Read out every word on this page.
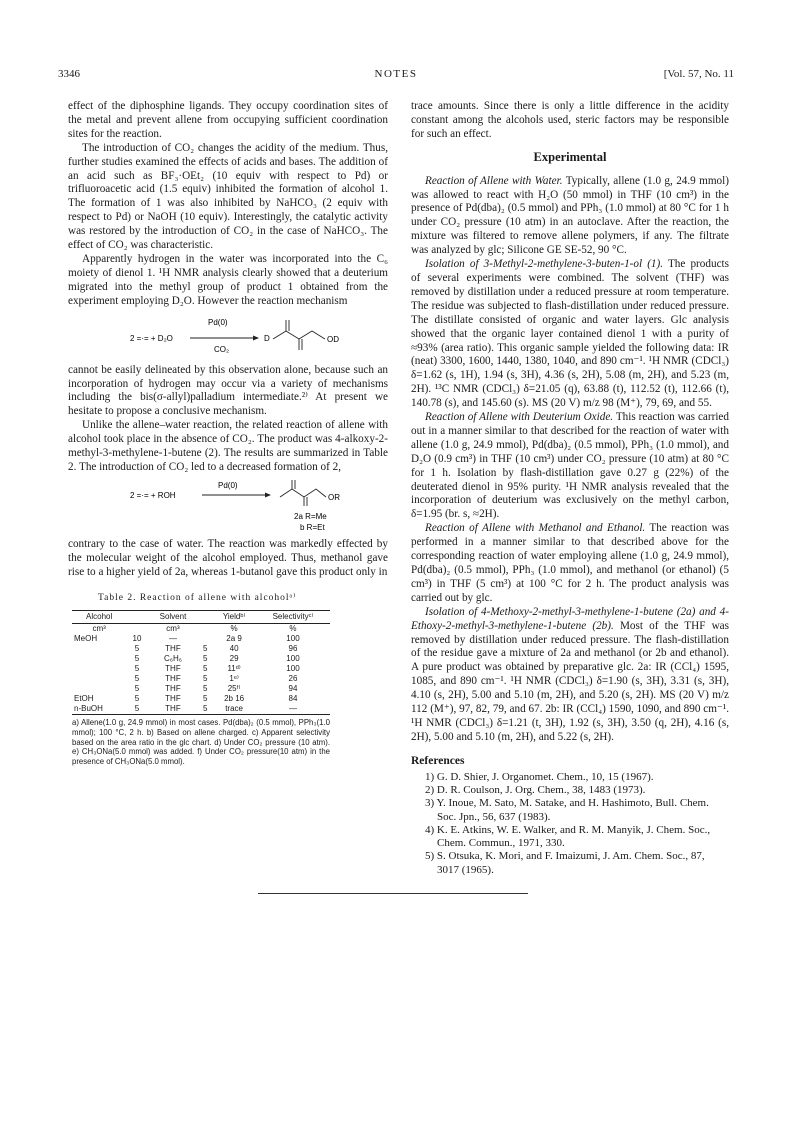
3346	NOTES	[Vol. 57, No. 11

effect of the diphosphine ligands. They occupy coordination sites of the metal and prevent allene from occupying sufficient coordination sites for the reaction.

The introduction of CO₂ changes the acidity of the medium. Thus, further studies examined the effects of acids and bases. The addition of an acid such as BF₃·OEt₂ (10 equiv with respect to Pd) or trifluoroacetic acid (1.5 equiv) inhibited the formation of alcohol 1. The formation of 1 was also inhibited by NaHCO₃ (2 equiv with respect to Pd) or NaOH (10 equiv). Interestingly, the catalytic activity was restored by the introduction of CO₂ in the case of NaHCO₃. The effect of CO₂ was characteristic.

Apparently hydrogen in the water was incorporated into the C₆ moiety of dienol 1. ¹H NMR analysis clearly showed that a deuterium migrated into the methyl group of product 1 obtained from the experiment employing D₂O. However the reaction mechanism

2 =·= + D₂O
Pd(0)
CO₂
D	OD

cannot be easily delineated by this observation alone, because such an incorporation of hydrogen may occur via a variety of mechanisms including the bis(σ-allyl)palladium intermediate.²⁾ At present we hesitate to propose a conclusive mechanism.

Unlike the allene–water reaction, the related reaction of allene with alcohol took place in the absence of CO₂. The product was 4-alkoxy-2-methyl-3-methylene-1-butene (2). The results are summarized in Table 2. The introduction of CO₂ led to a decreased formation of 2,

2 =·= + ROH
Pd(0)
OR
2a R=Me
b R=Et

contrary to the case of water. The reaction was markedly effected by the molecular weight of the alcohol employed. Thus, methanol gave rise to a higher yield of 2a, whereas 1-butanol gave this product only in

Table 2. Reaction of allene with alcoholᵃ⁾
Alcohol		Solvent		Yieldᵇ⁾	Selectivityᶜ⁾
cm³		cm³		%	%
MeOH	10	—		2a 9	100
	5	THF	5	40	96
	5	C₆H₆	5	29	100
	5	THF	5	11ᵈ⁾	100
	5	THF	5	1ᵉ⁾	26
	5	THF	5	25ᶠ⁾	94
EtOH	5	THF	5	2b 16	84
n-BuOH	5	THF	5	trace	—
a) Allene(1.0 g, 24.9 mmol) in most cases. Pd(dba)₂ (0.5 mmol), PPh₃(1.0 mmol); 100 °C, 2 h. b) Based on allene charged. c) Apparent selectivity based on the area ratio in the glc chart. d) Under CO₂ pressure (10 atm). e) CH₃ONa(5.0 mmol) was added. f) Under CO₂ pressure(10 atm) in the presence of CH₃ONa(5.0 mmol).

trace amounts. Since there is only a little difference in the acidity constant among the alcohols used, steric factors may be responsible for such an effect.

Experimental

Reaction of Allene with Water. Typically, allene (1.0 g, 24.9 mmol) was allowed to react with H₂O (50 mmol) in THF (10 cm³) in the presence of Pd(dba)₂ (0.5 mmol) and PPh₃ (1.0 mmol) at 80 °C for 1 h under CO₂ pressure (10 atm) in an autoclave. After the reaction, the mixture was filtered to remove allene polymers, if any. The filtrate was analyzed by glc; Silicone GE SE-52, 90 °C.

Isolation of 3-Methyl-2-methylene-3-buten-1-ol (1). The products of several experiments were combined. The solvent (THF) was removed by distillation under a reduced pressure at room temperature. The residue was subjected to flash-distillation under reduced pressure. The distillate consisted of organic and water layers. Glc analysis showed that the organic layer contained dienol 1 with a purity of ≈93% (area ratio). This organic sample yielded the following data: IR (neat) 3300, 1600, 1440, 1380, 1040, and 890 cm⁻¹. ¹H NMR (CDCl₃) δ=1.62 (s, 1H), 1.94 (s, 3H), 4.36 (s, 2H), 5.08 (m, 2H), and 5.23 (m, 2H). ¹³C NMR (CDCl₃) δ=21.05 (q), 63.88 (t), 112.52 (t), 112.66 (t), 140.78 (s), and 145.60 (s). MS (20 V) m/z 98 (M⁺), 79, 69, and 55.

Reaction of Allene with Deuterium Oxide. This reaction was carried out in a manner similar to that described for the reaction of water with allene (1.0 g, 24.9 mmol), Pd(dba)₂ (0.5 mmol), PPh₃ (1.0 mmol), and D₂O (0.9 cm³) in THF (10 cm³) under CO₂ pressure (10 atm) at 80 °C for 1 h. Isolation by flash-distillation gave 0.27 g (22%) of the deuterated dienol in 95% purity. ¹H NMR analysis revealed that the incorporation of deuterium was exclusively on the methyl carbon, δ=1.95 (br. s, ≈2H).

Reaction of Allene with Methanol and Ethanol. The reaction was performed in a manner similar to that described above for the corresponding reaction of water employing allene (1.0 g, 24.9 mmol), Pd(dba)₂ (0.5 mmol), PPh₃ (1.0 mmol), and methanol (or ethanol) (5 cm³) in THF (5 cm³) at 100 °C for 2 h. The product analysis was carried out by glc.

Isolation of 4-Methoxy-2-methyl-3-methylene-1-butene (2a) and 4-Ethoxy-2-methyl-3-methylene-1-butene (2b). Most of the THF was removed by distillation under reduced pressure. The flash-distillation of the residue gave a mixture of 2a and methanol (or 2b and ethanol). A pure product was obtained by preparative glc. 2a: IR (CCl₄) 1595, 1085, and 890 cm⁻¹. ¹H NMR (CDCl₃) δ=1.90 (s, 3H), 3.31 (s, 3H), 4.10 (s, 2H), 5.00 and 5.10 (m, 2H), and 5.20 (s, 2H). MS (20 V) m/z 112 (M⁺), 97, 82, 79, and 67. 2b: IR (CCl₄) 1590, 1090, and 890 cm⁻¹. ¹H NMR (CDCl₃) δ=1.21 (t, 3H), 1.92 (s, 3H), 3.50 (q, 2H), 4.16 (s, 2H), 5.00 and 5.10 (m, 2H), and 5.22 (s, 2H).

References
1) G. D. Shier, J. Organomet. Chem., 10, 15 (1967).
2) D. R. Coulson, J. Org. Chem., 38, 1483 (1973).
3) Y. Inoue, M. Sato, M. Satake, and H. Hashimoto, Bull. Chem. Soc. Jpn., 56, 637 (1983).
4) K. E. Atkins, W. E. Walker, and R. M. Manyik, J. Chem. Soc., Chem. Commun., 1971, 330.
5) S. Otsuka, K. Mori, and F. Imaizumi, J. Am. Chem. Soc., 87, 3017 (1965).
